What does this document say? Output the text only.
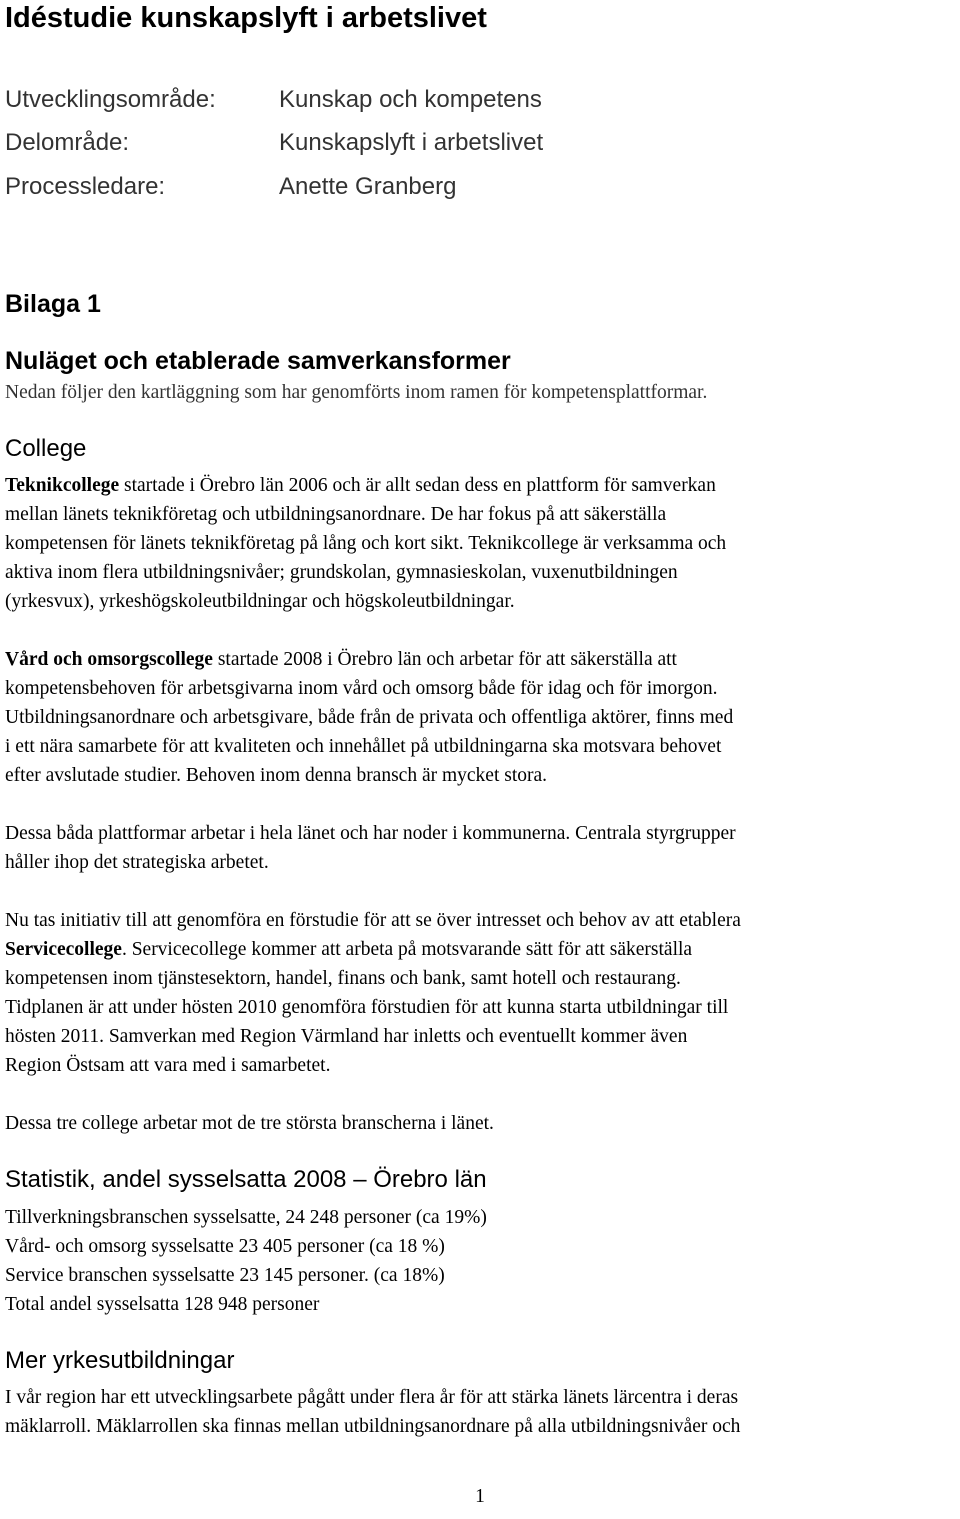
Idéstudie kunskapslyft i arbetslivet
Utvecklingsområde:	Kunskap och kompetens
Delområde:	Kunskapslyft i arbetslivet
Processledare:	Anette Granberg
Bilaga 1
Nuläget och etablerade samverkansformer
Nedan följer den kartläggning som har genomförts inom ramen för kompetensplattformar.
College
Teknikcollege startade i Örebro län 2006 och är allt sedan dess en plattform för samverkan
mellan länets teknikföretag och utbildningsanordnare. De har fokus på att säkerställa
kompetensen för länets teknikföretag på lång och kort sikt. Teknikcollege är verksamma och
aktiva inom flera utbildningsnivåer; grundskolan, gymnasieskolan, vuxenutbildningen
(yrkesvux), yrkeshögskoleutbildningar och högskoleutbildningar.
Vård och omsorgscollege startade 2008 i Örebro län och arbetar för att säkerställa att
kompetensbehoven för arbetsgivarna inom vård och omsorg både för idag och för imorgon.
Utbildningsanordnare och arbetsgivare, både från de privata och offentliga aktörer, finns med
i ett nära samarbete för att kvaliteten och innehållet på utbildningarna ska motsvara behovet
efter avslutade studier. Behoven inom denna bransch är mycket stora.
Dessa båda plattformar arbetar i hela länet och har noder i kommunerna. Centrala styrgrupper
håller ihop det strategiska arbetet.
Nu tas initiativ till att genomföra en förstudie för att se över intresset och behov av att etablera
Servicecollege. Servicecollege kommer att arbeta på motsvarande sätt för att säkerställa
kompetensen inom tjänstesektorn, handel, finans och bank, samt hotell och restaurang.
Tidplanen är att under hösten 2010 genomföra förstudien för att kunna starta utbildningar till
hösten 2011. Samverkan med Region Värmland har inletts och eventuellt kommer även
Region Östsam att vara med i samarbetet.
Dessa tre college arbetar mot de tre största branscherna i länet.
Statistik, andel sysselsatta 2008 – Örebro län
Tillverkningsbranschen sysselsatte, 24 248 personer (ca 19%)
Vård- och omsorg sysselsatte 23 405 personer (ca 18 %)
Service branschen sysselsatte 23 145 personer. (ca 18%)
Total andel sysselsatta 128 948 personer
Mer yrkesutbildningar
I vår region har ett utvecklingsarbete pågått under flera år för att stärka länets lärcentra i deras
mäklarroll. Mäklarrollen ska finnas mellan utbildningsanordnare på alla utbildningsnivåer och
1
